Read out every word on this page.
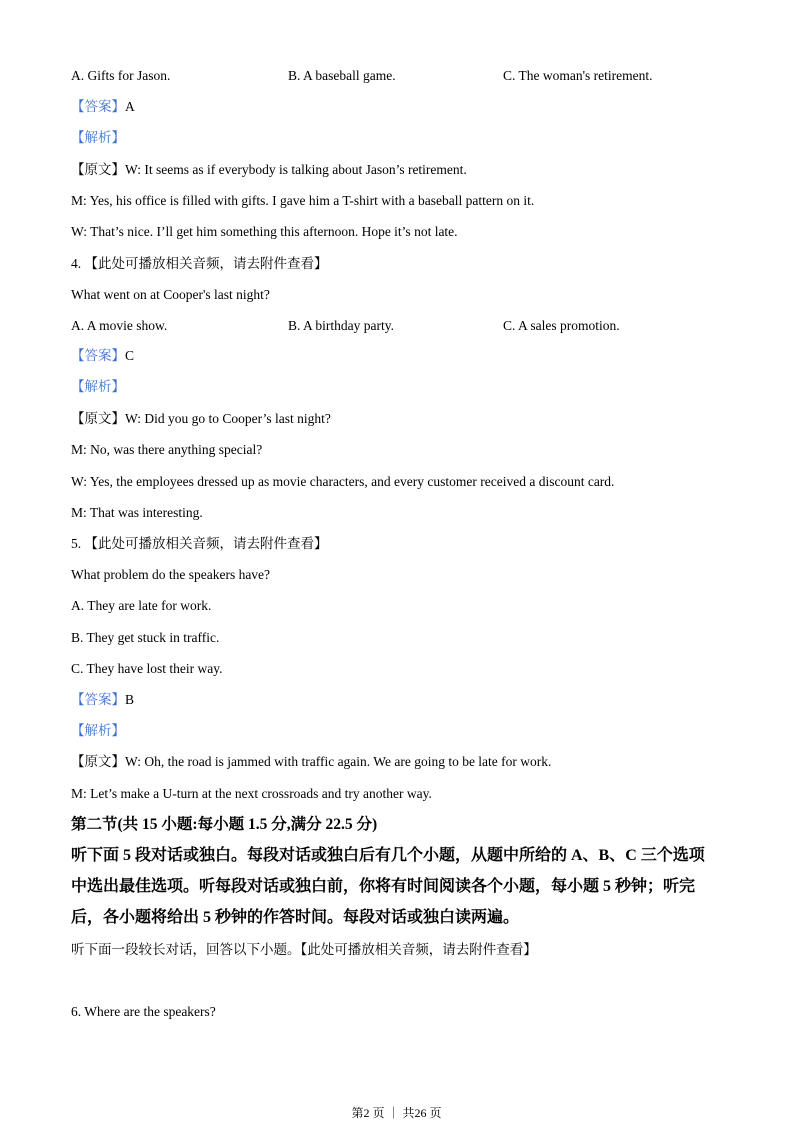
A. Gifts for Jason.	B. A baseball game.	C. The woman's retirement.

【答案】A

【解析】

【原文】W: It seems as if everybody is talking about Jason’s retirement.

M: Yes, his office is filled with gifts. I gave him a T-shirt with a baseball pattern on it.

W: That’s nice. I’ll get him something this afternoon. Hope it’s not late.

4. 【此处可播放相关音频，请去附件查看】

What went on at Cooper's last night?

A. A movie show.	B. A birthday party.	C. A sales promotion.

【答案】C

【解析】

【原文】W: Did you go to Cooper’s last night?

M: No, was there anything special?

W: Yes, the employees dressed up as movie characters, and every customer received a discount card.

M: That was interesting.

5. 【此处可播放相关音频，请去附件查看】

What problem do the speakers have?

A. They are late for work.

B. They get stuck in traffic.

C. They have lost their way.

【答案】B

【解析】

【原文】W: Oh, the road is jammed with traffic again. We are going to be late for work.

M: Let’s make a U-turn at the next crossroads and try another way.

第二节(共 15 小题:每小题 1.5 分,满分 22.5 分)

听下面 5 段对话或独白。每段对话或独白后有几个小题，从题中所给的 A、B、C 三个选项

中选出最佳选项。听每段对话或独白前，你将有时间阅读各个小题，每小题 5 秒钟；听完

后，各小题将给出 5 秒钟的作答时间。每段对话或独白读两遍。

听下面一段较长对话，回答以下小题。【此处可播放相关音频，请去附件查看】

6. Where are the speakers?

第2 页 ｜ 共26 页
